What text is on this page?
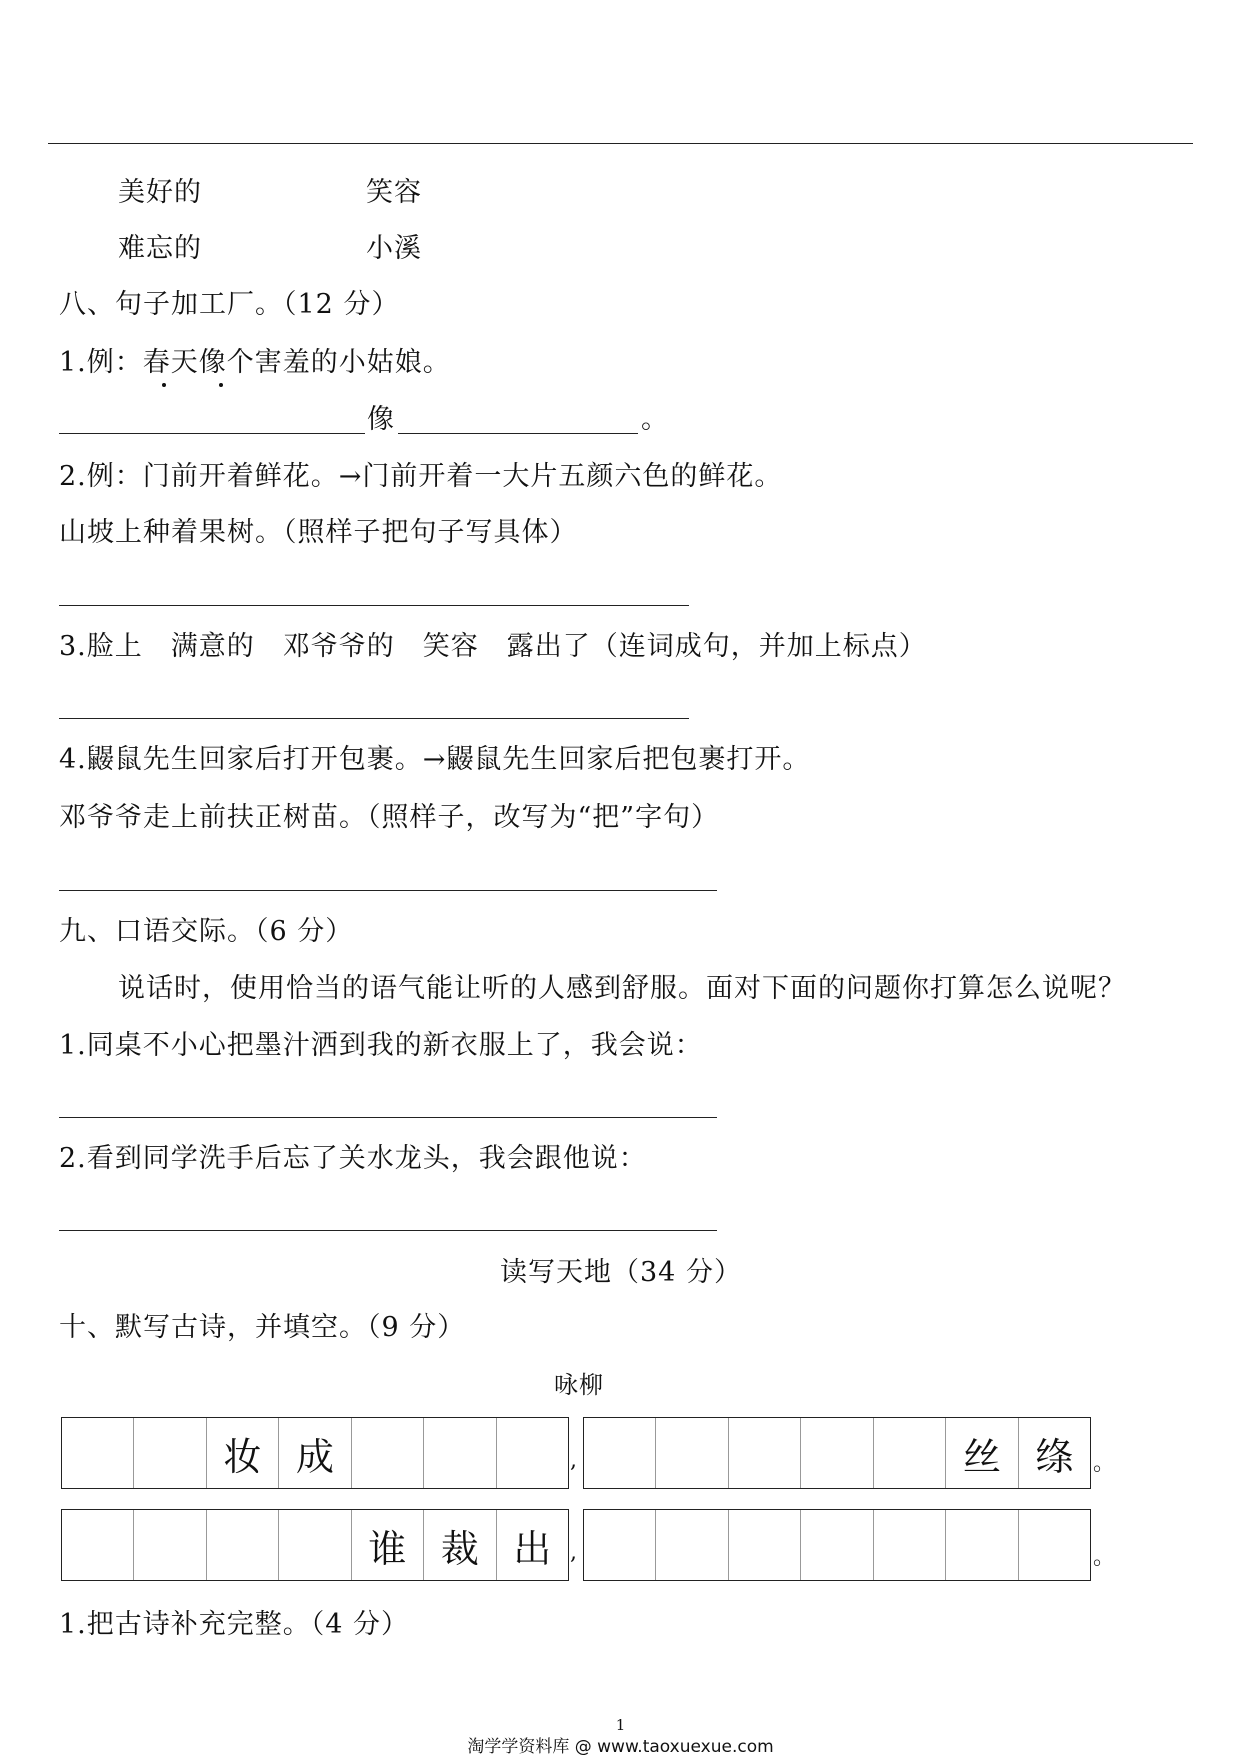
美好的	笑容
难忘的	小溪
八、句子加工厂。（12 分）
1.例：春天像个害羞的小姑娘。
像	。
2.例：门前开着鲜花。→门前开着一大片五颜六色的鲜花。
山坡上种着果树。（照样子把句子写具体）
3.脸上　满意的　邓爷爷的　笑容　露出了（连词成句，并加上标点）
4.鼹鼠先生回家后打开包裹。→鼹鼠先生回家后把包裹打开。
邓爷爷走上前扶正树苗。（照样子，改写为“把”字句）
九、口语交际。（6 分）
说话时，使用恰当的语气能让听的人感到舒服。面对下面的问题你打算怎么说呢？
1.同桌不小心把墨汁洒到我的新衣服上了，我会说：
2.看到同学洗手后忘了关水龙头，我会跟他说：
读写天地（34 分）
十、默写古诗，并填空。（9 分）
咏柳
妆 成	,	丝 绦 。
谁 裁 出 ,	。
1.把古诗补充完整。（4 分）
1
淘学学资料库 @ www.taoxuexue.com
